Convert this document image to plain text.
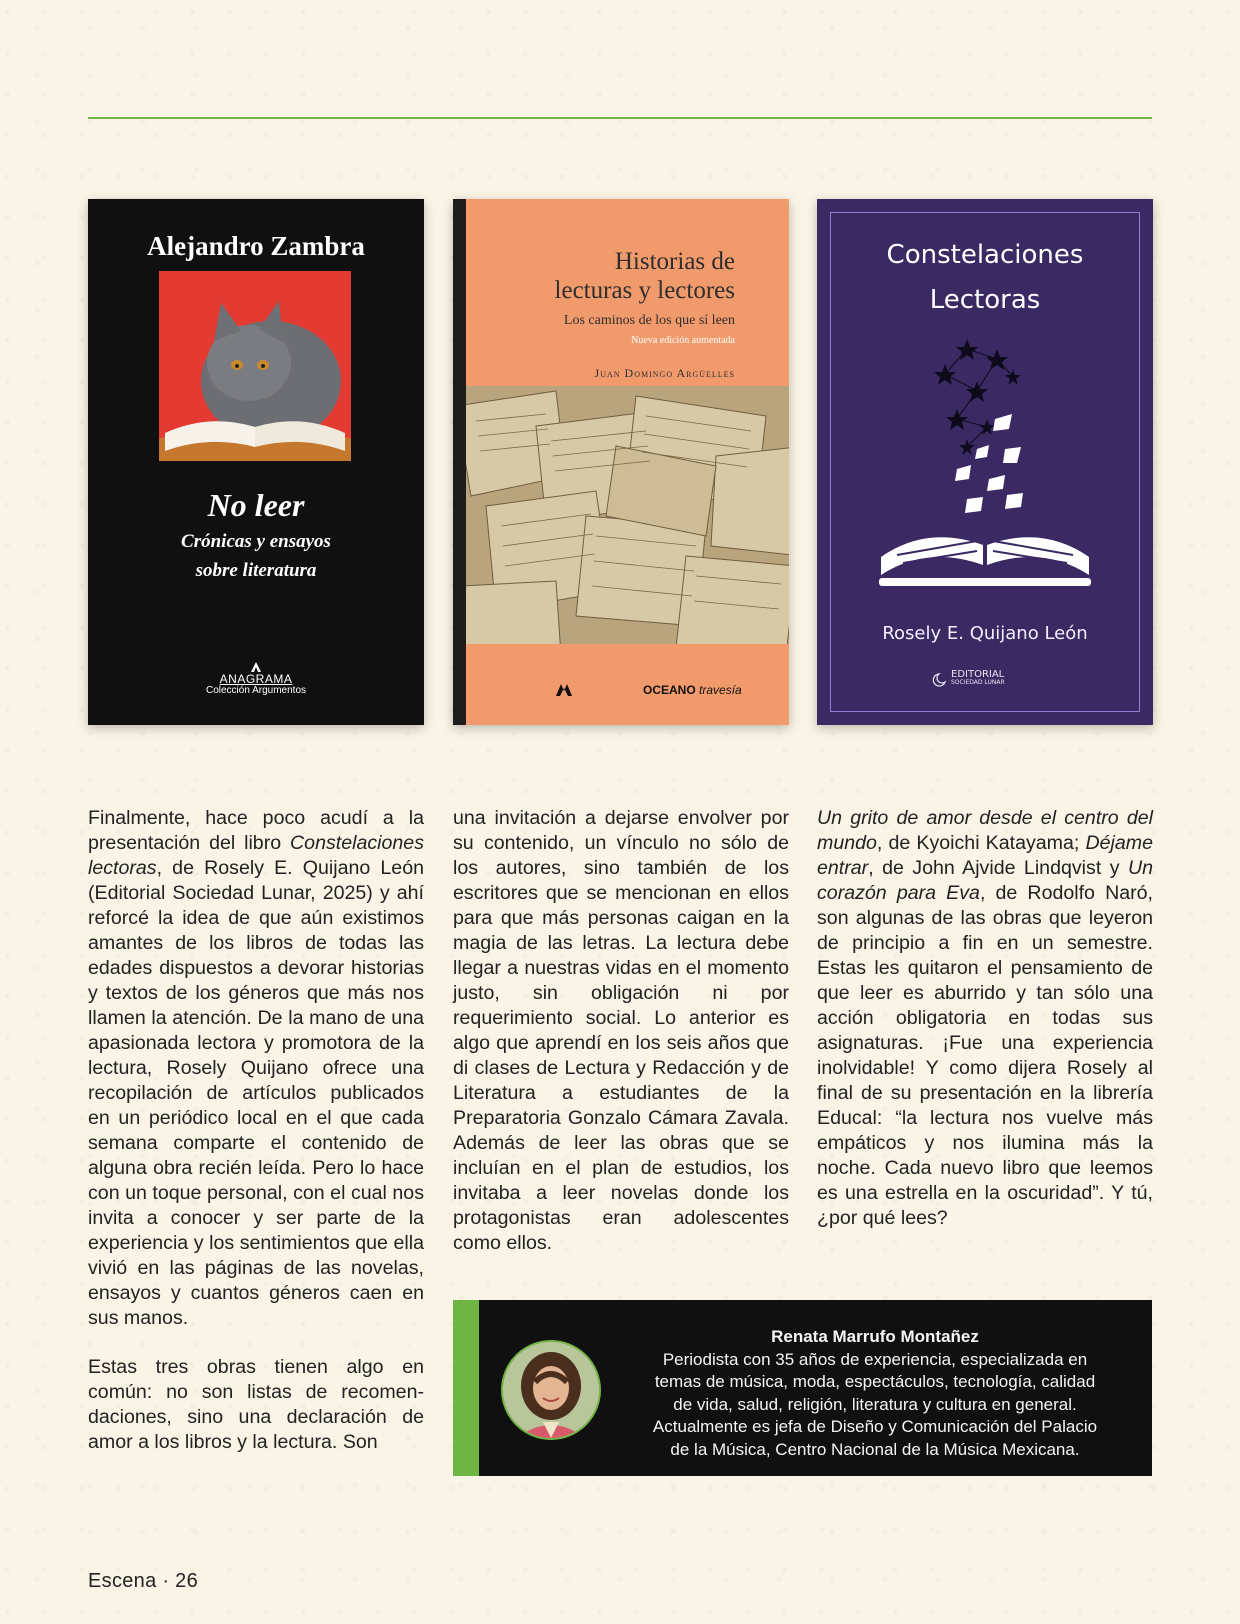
Alejandro Zambra
No leer
Crónicas y ensayos
sobre literatura
ANAGRAMA
Colección Argumentos
Historias de
lecturas y lectores
Los caminos de los que sí leen
Nueva edición aumentada
Juan Domingo Argüelles
OCEANO travesía
Constelaciones
Lectoras
Rosely E. Quijano León
EDITORIAL
SOCIEDAD LUNAR

Finalmente, hace poco acudí a la presentación del libro Constelaciones lectoras, de Rosely E. Quijano León (Editorial Sociedad Lunar, 2025) y ahí reforcé la idea de que aún existimos amantes de los libros de todas las edades dispuestos a devorar historias y textos de los géneros que más nos llamen la atención. De la mano de una apasionada lectora y promotora de la lectura, Rosely Quijano ofrece una recopilación de artículos publicados en un periódico local en el que cada semana comparte el contenido de alguna obra recién leída. Pero lo hace con un toque personal, con el cual nos invita a conocer y ser parte de la experiencia y los sentimientos que ella vivió en las páginas de las novelas, ensayos y cuantos géneros caen en sus manos.

Estas tres obras tienen algo en común: no son listas de recomendaciones, sino una declaración de amor a los libros y la lectura. Son

una invitación a dejarse envolver por su contenido, un vínculo no sólo de los autores, sino también de los escritores que se mencionan en ellos para que más personas caigan en la magia de las letras. La lectura debe llegar a nuestras vidas en el momento justo, sin obligación ni por requerimiento social. Lo anterior es algo que aprendí en los seis años que di clases de Lectura y Redacción y de Literatura a estudiantes de la Preparatoria Gonzalo Cámara Zavala. Además de leer las obras que se incluían en el plan de estudios, los invitaba a leer novelas donde los protagonistas eran adolescentes como ellos.

Un grito de amor desde el centro del mundo, de Kyoichi Katayama; Déjame entrar, de John Ajvide Lindqvist y Un corazón para Eva, de Rodolfo Naró, son algunas de las obras que leyeron de principio a fin en un semestre. Estas les quitaron el pensamiento de que leer es aburrido y tan sólo una acción obligatoria en todas sus asignaturas. ¡Fue una experiencia inolvidable! Y como dijera Rosely al final de su presentación en la librería Educal: “la lectura nos vuelve más empáticos y nos ilumina más la noche. Cada nuevo libro que leemos es una estrella en la oscuridad”. Y tú, ¿por qué lees?

Renata Marrufo Montañez
Periodista con 35 años de experiencia, especializada en
temas de música, moda, espectáculos, tecnología, calidad
de vida, salud, religión, literatura y cultura en general.
Actualmente es jefa de Diseño y Comunicación del Palacio
de la Música, Centro Nacional de la Música Mexicana.
Escena · 26
